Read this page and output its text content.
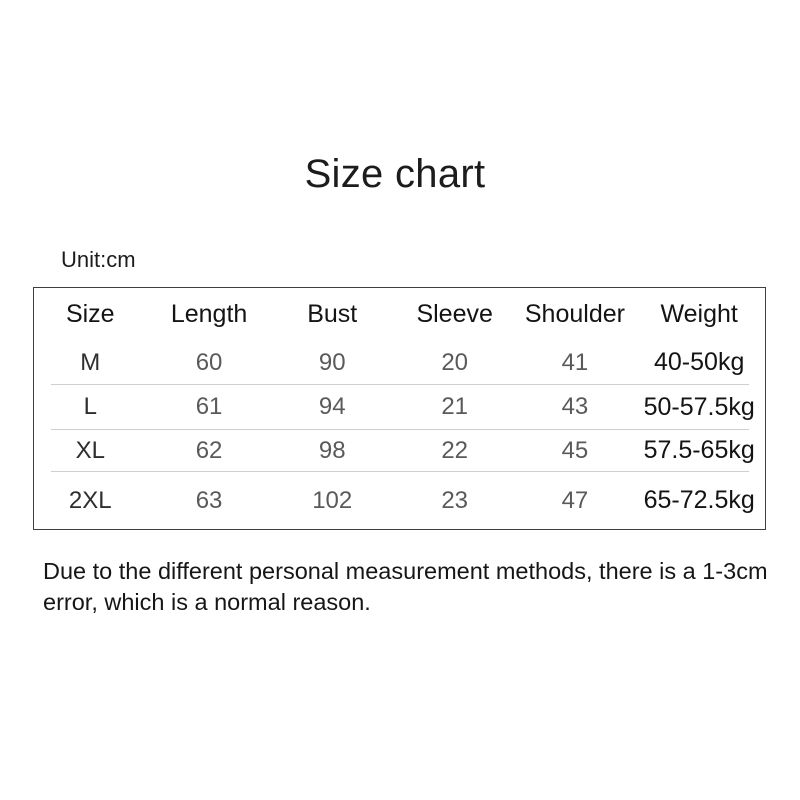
Size chart
Unit:cm
Size	Length	Bust	Sleeve	Shoulder	Weight
M	60	90	20	41	40-50kg
L	61	94	21	43	50-57.5kg
XL	62	98	22	45	57.5-65kg
2XL	63	102	23	47	65-72.5kg
Due to the different personal measurement methods, there is a 1-3cm
error, which is a normal reason.
